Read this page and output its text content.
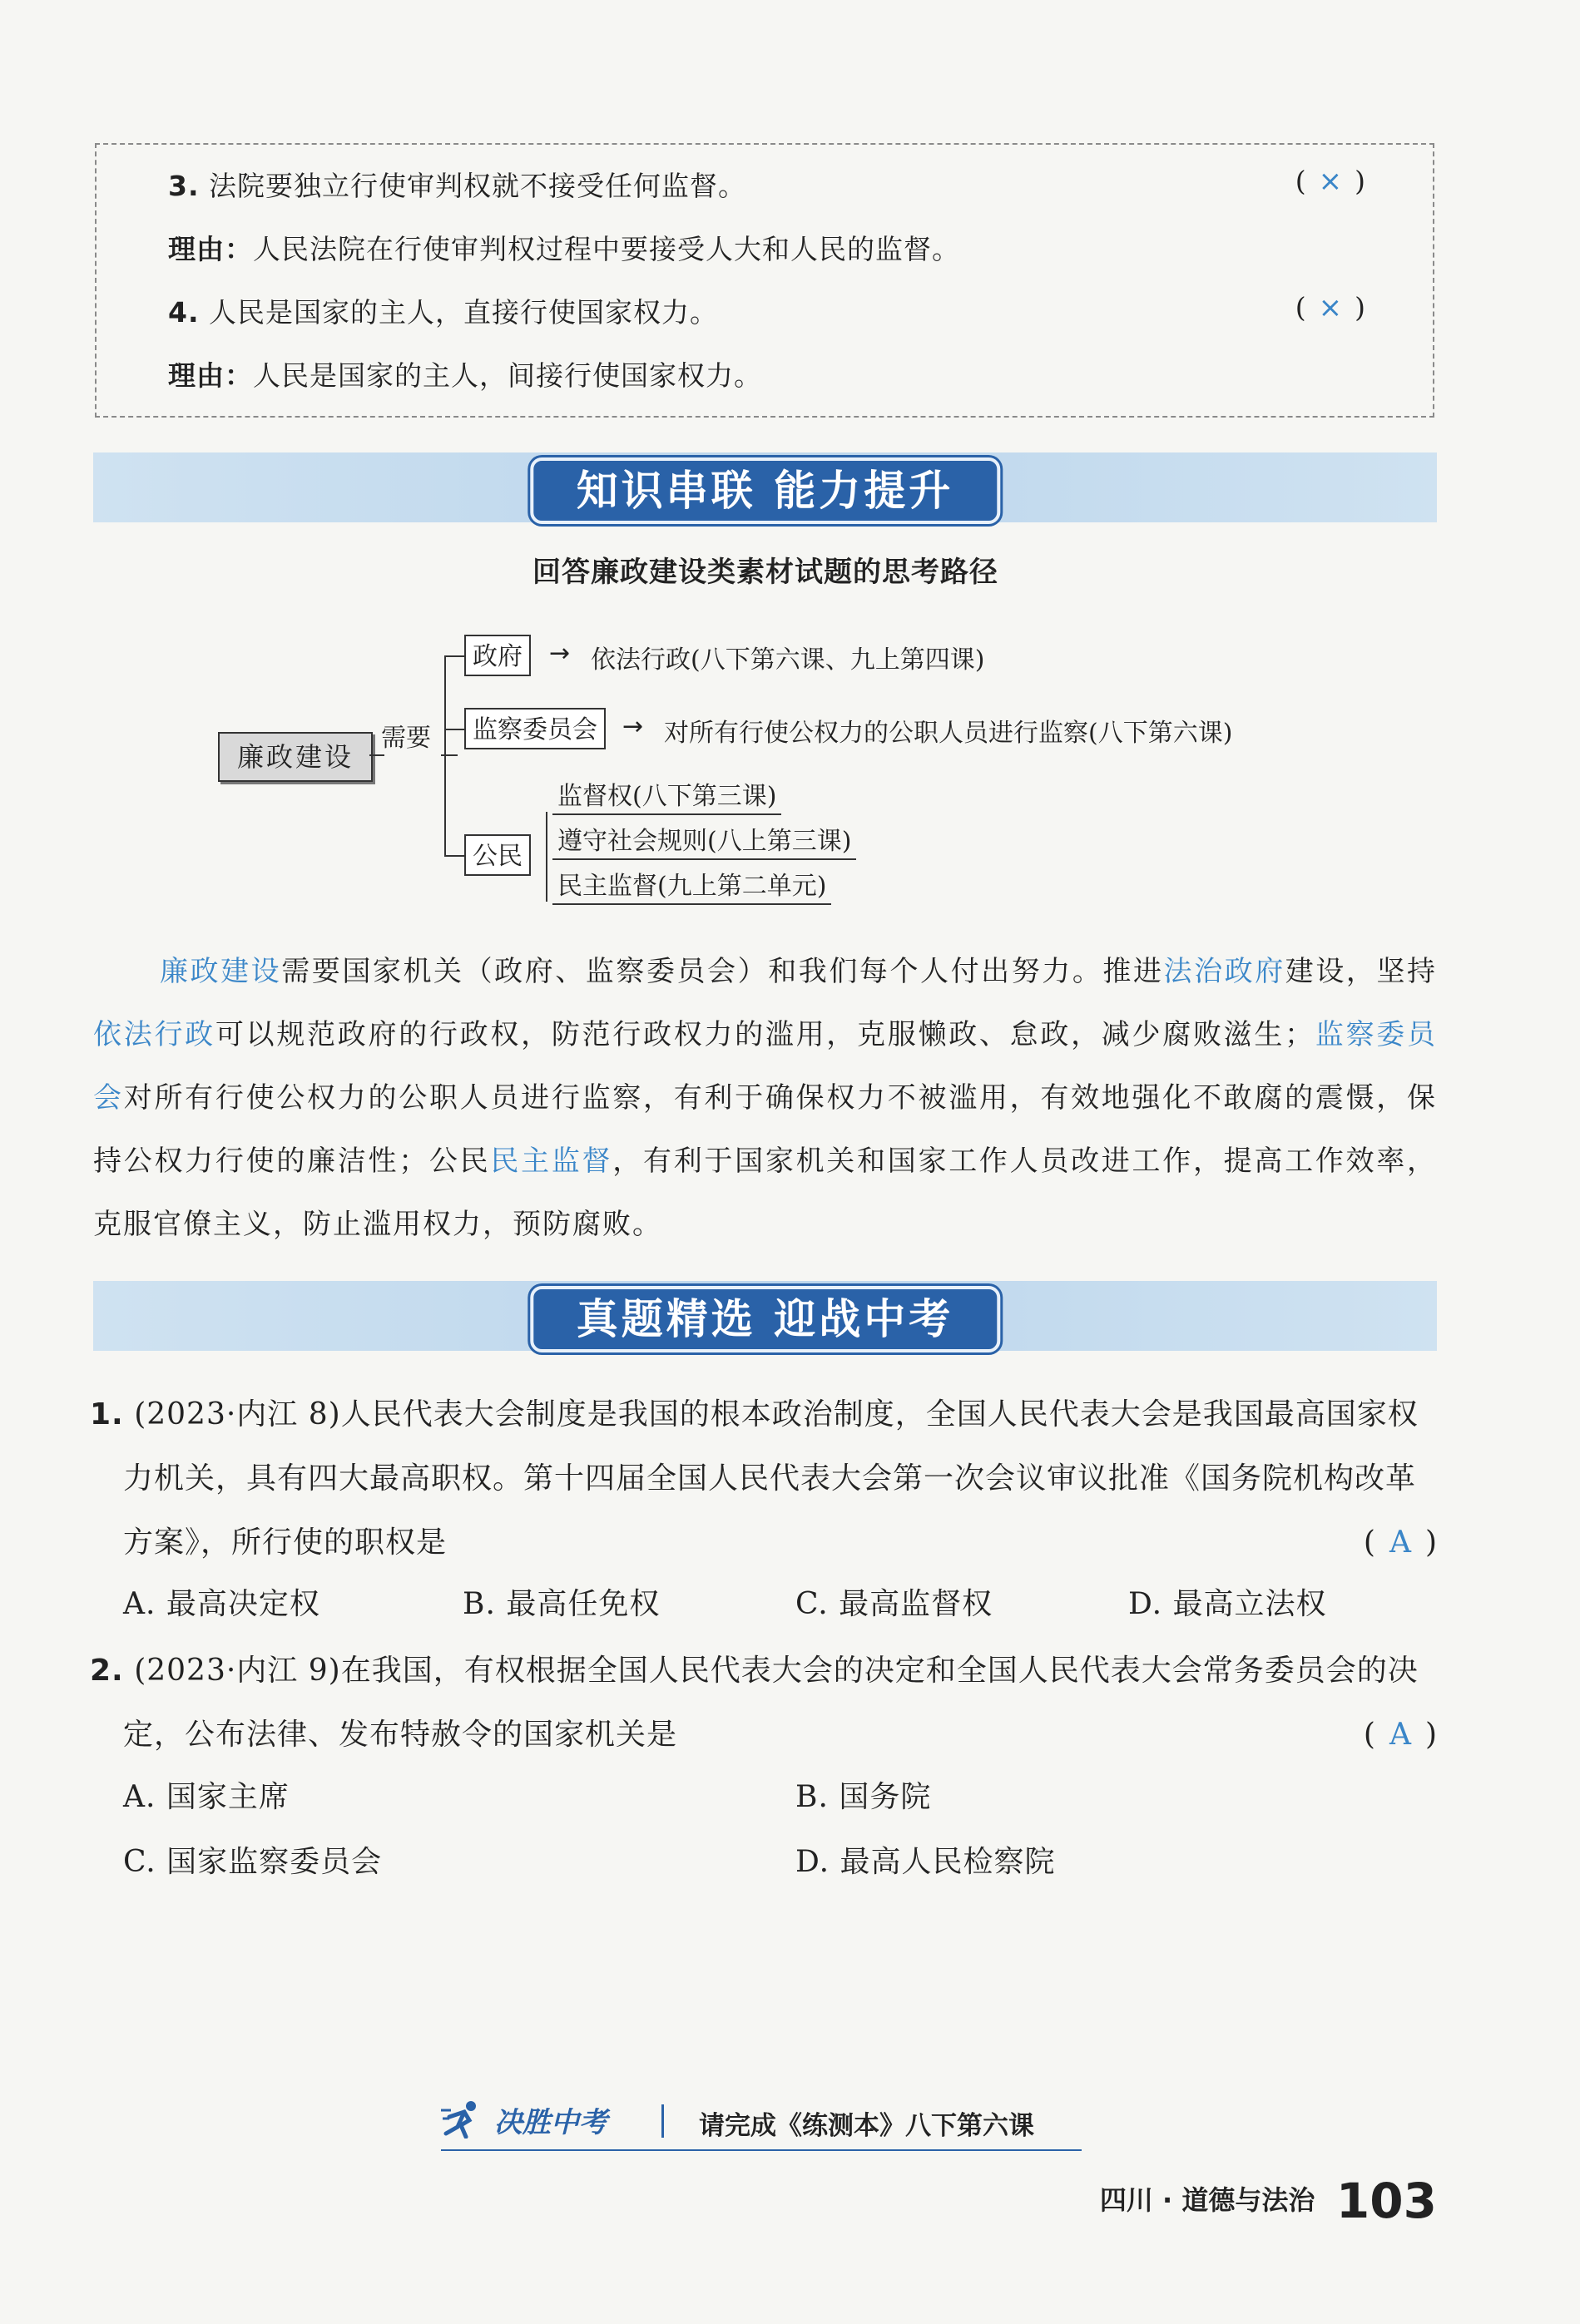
3. 法院要独立行使审判权就不接受任何监督。	( × )
理由：人民法院在行使审判权过程中要接受人大和人民的监督。
4. 人民是国家的主人，直接行使国家权力。	( × )
理由：人民是国家的主人，间接行使国家权力。
知识串联 能力提升
回答廉政建设类素材试题的思考路径
廉政建设
需要
政府	→ 依法行政(八下第六课、九上第四课)
监察委员会	→ 对所有行使公权力的公职人员进行监察(八下第六课)
公民
监督权(八下第三课)
遵守社会规则(八上第三课)
民主监督(九上第二单元)
廉政建设需要国家机关（政府、监察委员会）和我们每个人付出努力。推进法治政府建设，坚持依法行政可以规范政府的行政权，防范行政权力的滥用，克服懒政、怠政，减少腐败滋生；监察委员会对所有行使公权力的公职人员进行监察，有利于确保权力不被滥用，有效地强化不敢腐的震慑，保持公权力行使的廉洁性；公民民主监督，有利于国家机关和国家工作人员改进工作，提高工作效率，克服官僚主义，防止滥用权力，预防腐败。
真题精选 迎战中考
1. (2023·内江 8)人民代表大会制度是我国的根本政治制度，全国人民代表大会是我国最高国家权力机关，具有四大最高职权。第十四届全国人民代表大会第一次会议审议批准《国务院机构改革方案》，所行使的职权是	( A )
A. 最高决定权	B. 最高任免权	C. 最高监督权	D. 最高立法权
2. (2023·内江 9)在我国，有权根据全国人民代表大会的决定和全国人民代表大会常务委员会的决定，公布法律、发布特赦令的国家机关是	( A )
A. 国家主席	B. 国务院
C. 国家监察委员会	D. 最高人民检察院
决胜中考	请完成《练测本》八下第六课
四川 · 道德与法治 103
